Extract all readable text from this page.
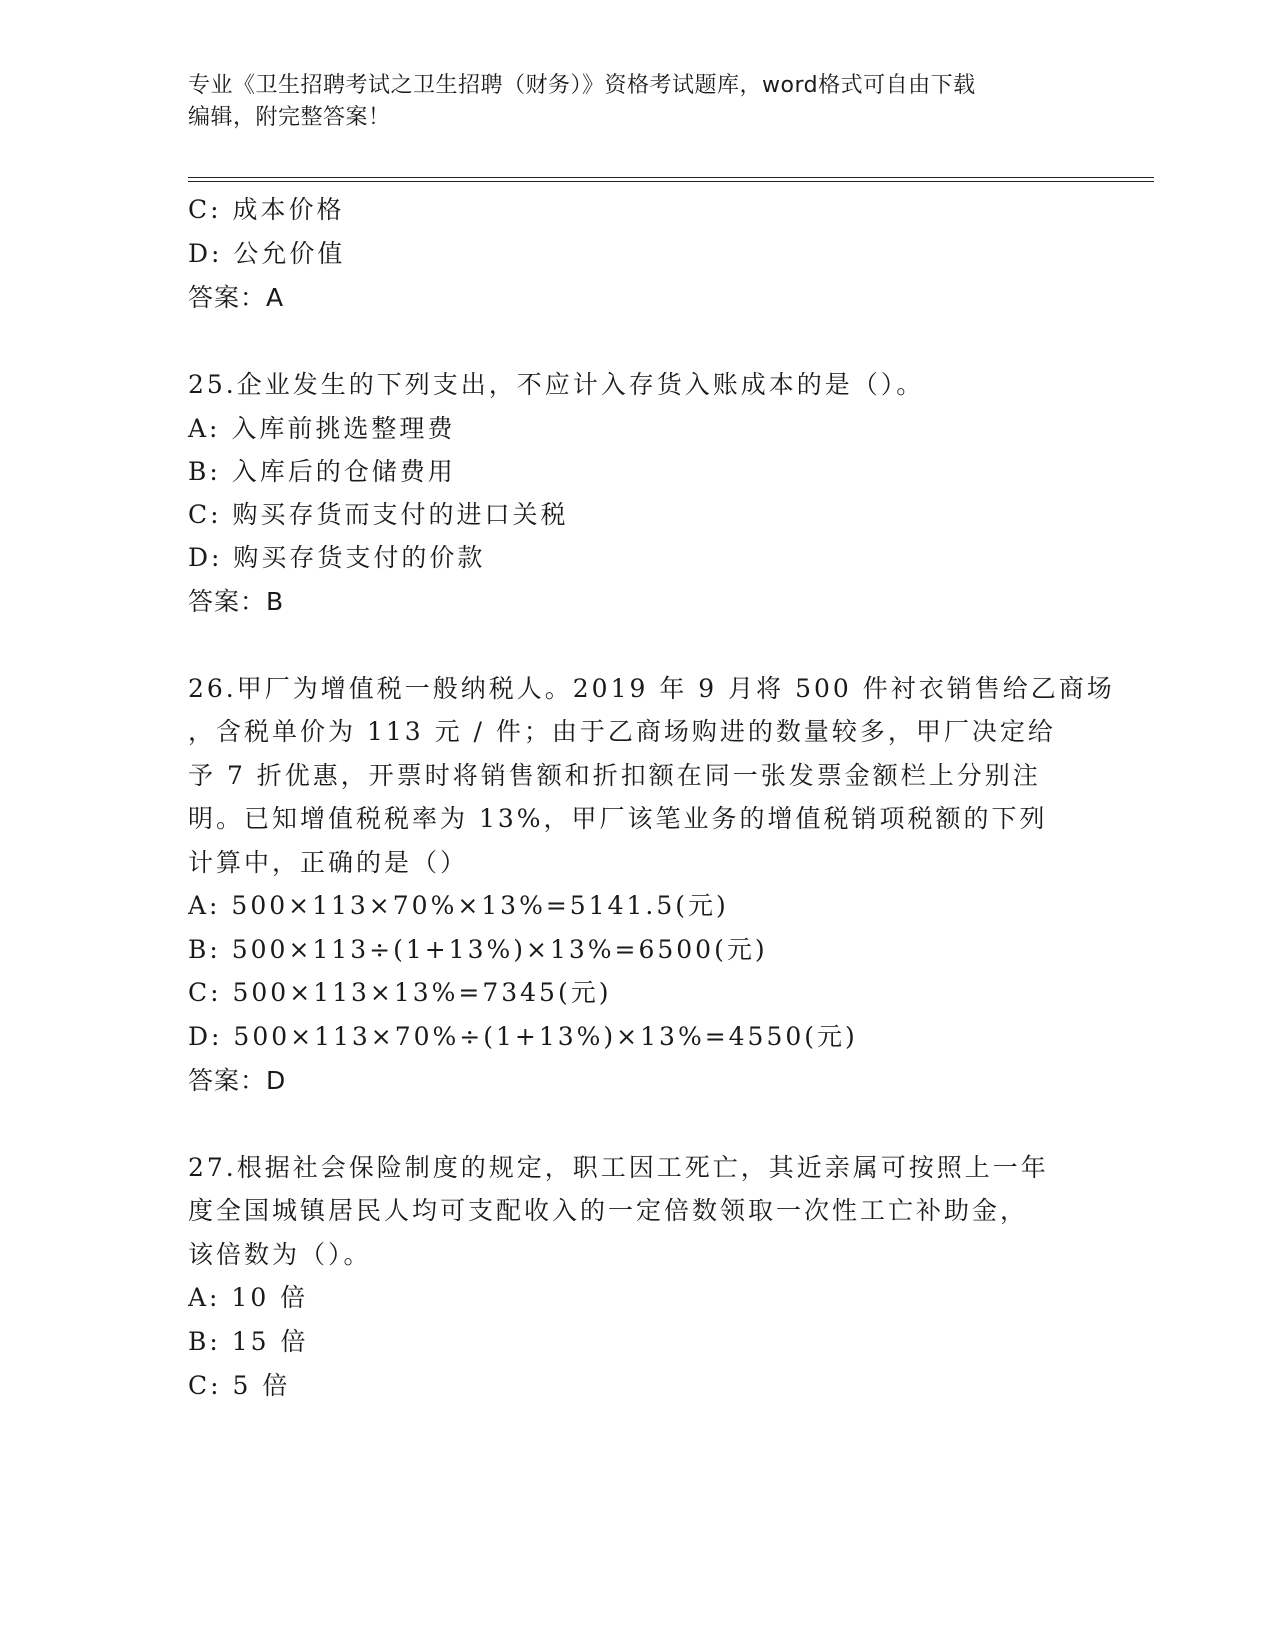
专业《卫生招聘考试之卫生招聘（财务）》资格考试题库，word格式可自由下载
编辑，附完整答案！
C: 成本价格
D: 公允价值
答案：A
25.企业发生的下列支出，不应计入存货入账成本的是（）。
A: 入库前挑选整理费
B: 入库后的仓储费用
C: 购买存货而支付的进口关税
D: 购买存货支付的价款
答案：B
26.甲厂为增值税一般纳税人。2019 年 9 月将 500 件衬衣销售给乙商场
，含税单价为 113 元 / 件；由于乙商场购进的数量较多，甲厂决定给
予 7 折优惠，开票时将销售额和折扣额在同一张发票金额栏上分别注
明。已知增值税税率为 13%，甲厂该笔业务的增值税销项税额的下列
计算中，正确的是（）
A: 500×113×70%×13%=5141.5(元)
B: 500×113÷(1+13%)×13%=6500(元)
C: 500×113×13%=7345(元)
D: 500×113×70%÷(1+13%)×13%=4550(元)
答案：D
27.根据社会保险制度的规定，职工因工死亡，其近亲属可按照上一年
度全国城镇居民人均可支配收入的一定倍数领取一次性工亡补助金，
该倍数为（）。
A: 10 倍
B: 15 倍
C: 5 倍
